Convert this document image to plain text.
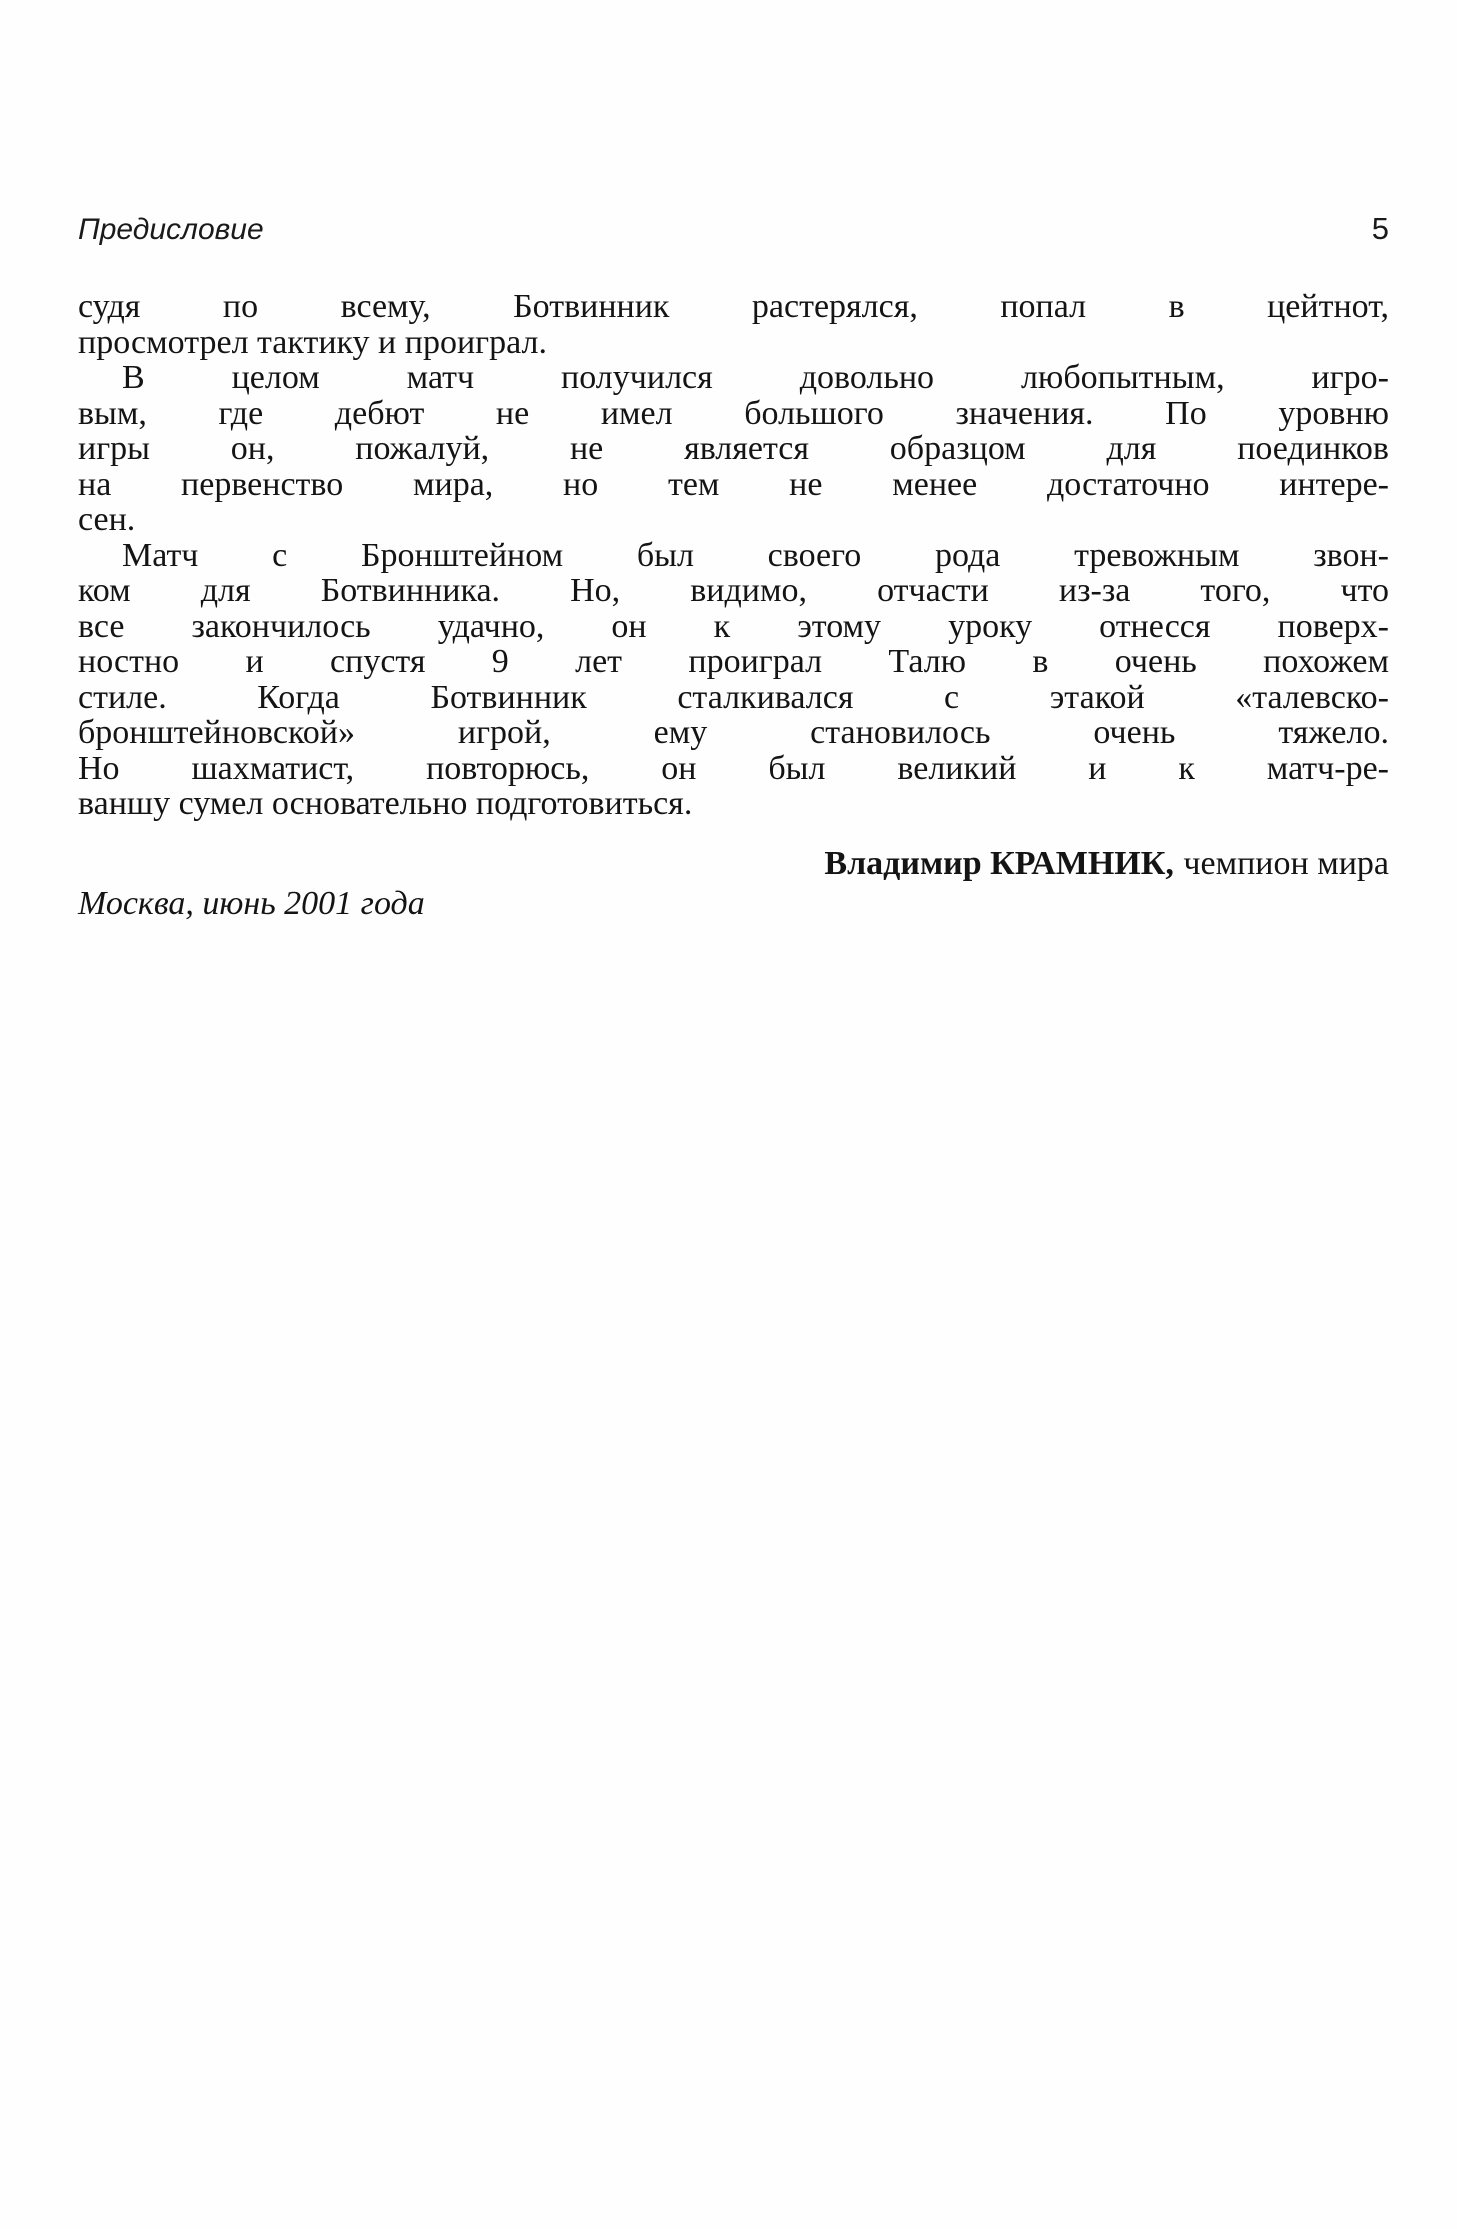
Предисловие	5
судя по всему, Ботвинник растерялся, попал в цейтнот,
просмотрел тактику и проиграл.
В целом матч получился довольно любопытным, игро-
вым, где дебют не имел большого значения. По уровню
игры он, пожалуй, не является образцом для поединков
на первенство мира, но тем не менее достаточно интере-
сен.
Матч с Бронштейном был своего рода тревожным звон-
ком для Ботвинника. Но, видимо, отчасти из-за того, что
все закончилось удачно, он к этому уроку отнесся поверх-
ностно и спустя 9 лет проиграл Талю в очень похожем
стиле. Когда Ботвинник сталкивался с этакой «талевско-
бронштейновской» игрой, ему становилось очень тяжело.
Но шахматист, повторюсь, он был великий и к матч-ре-
ваншу сумел основательно подготовиться.
Владимир КРАМНИК, чемпион мира
Москва, июнь 2001 года
